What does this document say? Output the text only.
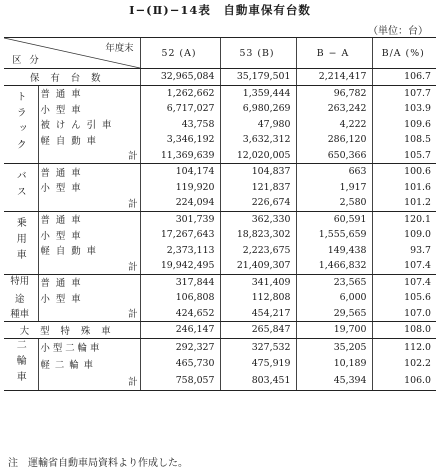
Ⅰ−(Ⅱ)−14表　自動車保有台数
（単位：台）
年度末
区分		52 (A)	53 (B)	B − A	B/A (%)
保有台数		32,965,084	35,179,501	2,214,417	106.7
トラック	普通車	1,262,662	1,359,444	96,782	107.7
	小型車	6,717,027	6,980,269	263,242	103.9
	被けん引車	43,758	47,980	4,222	109.6
	軽自動車	3,346,192	3,632,312	286,120	108.5
	計	11,369,639	12,020,005	650,366	105.7
バス	普通車	104,174	104,837	663	100.6
	小型車	119,920	121,837	1,917	101.6
	計	224,094	226,674	2,580	101.2
乗用車	普通車	301,739	362,330	60,591	120.1
	小型車	17,267,643	18,823,302	1,555,659	109.0
	軽自動車	2,373,113	2,223,675	149,438	93.7
	計	19,942,495	21,409,307	1,466,832	107.4
特用	普通車	317,844	341,409	23,565	107.4
途	小型車	106,808	112,808	6,000	105.6
種車	計	424,652	454,217	29,565	107.0
大型特殊車		246,147	265,847	19,700	108.0
二輪車	小型二輪車	292,327	327,532	35,205	112.0
	軽二輪車	465,730	475,919	10,189	102.2
	計	758,057	803,451	45,394	106.0
注　運輸省自動車局資料より作成した。
